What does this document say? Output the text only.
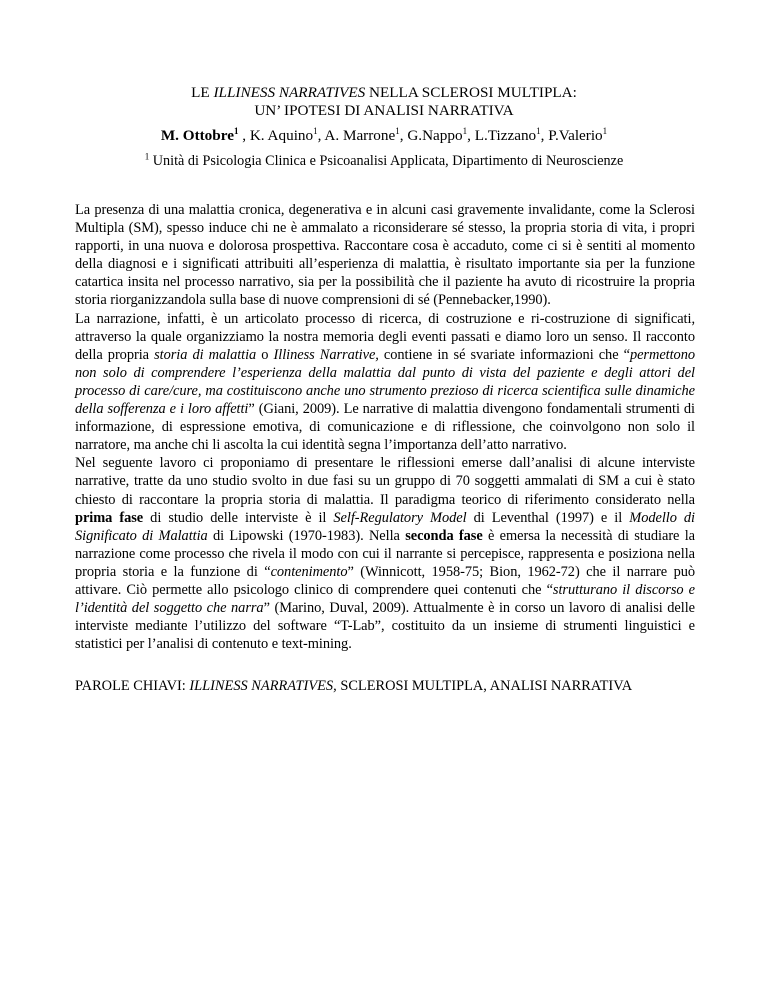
LE ILLINESS NARRATIVES NELLA SCLEROSI MULTIPLA:
UN’ IPOTESI DI ANALISI NARRATIVA
M. Ottobre$^1$ , K. Aquino$^1$, A. Marrone$^1$, G.Nappo$^1$, L.Tizzano$^1$, P.Valerio$^1$
$^1$ Unità di Psicologia Clinica e Psicoanalisi Applicata, Dipartimento di Neuroscienze

La presenza di una malattia cronica, degenerativa e in alcuni casi gravemente invalidante, come la Sclerosi Multipla (SM), spesso induce chi ne è ammalato a riconsiderare sé stesso, la propria storia di vita, i propri rapporti, in una nuova e dolorosa prospettiva. Raccontare cosa è accaduto, come ci si è sentiti al momento della diagnosi e i significati attribuiti all’esperienza di malattia, è risultato importante sia per la funzione catartica insita nel processo narrativo, sia per la possibilità che il paziente ha avuto di ricostruire la propria storia riorganizzandola sulla base di nuove comprensioni di sé (Pennebacker,1990).

La narrazione, infatti, è un articolato processo di ricerca, di costruzione e ri-costruzione di significati, attraverso la quale organizziamo la nostra memoria degli eventi passati e diamo loro un senso. Il racconto della propria storia di malattia o Illiness Narrative, contiene in sé svariate informazioni che “permettono non solo di comprendere l’esperienza della malattia dal punto di vista del paziente e degli attori del processo di care/cure, ma costituiscono anche uno strumento prezioso di ricerca scientifica sulle dinamiche della sofferenza e i loro affetti” (Giani, 2009). Le narrative di malattia divengono fondamentali strumenti di informazione, di espressione emotiva, di comunicazione e di riflessione, che coinvolgono non solo il narratore, ma anche chi li ascolta la cui identità segna l’importanza dell’atto narrativo.

Nel seguente lavoro ci proponiamo di presentare le riflessioni emerse dall’analisi di alcune interviste narrative, tratte da uno studio svolto in due fasi su un gruppo di 70 soggetti ammalati di SM a cui è stato chiesto di raccontare la propria storia di malattia. Il paradigma teorico di riferimento considerato nella prima fase di studio delle interviste è il Self-Regulatory Model di Leventhal (1997) e il Modello di Significato di Malattia di Lipowski (1970-1983). Nella seconda fase è emersa la necessità di studiare la narrazione come processo che rivela il modo con cui il narrante si percepisce, rappresenta e posiziona nella propria storia e la funzione di “contenimento” (Winnicott, 1958-75; Bion, 1962-72) che il narrare può attivare. Ciò permette allo psicologo clinico di comprendere quei contenuti che “strutturano il discorso e l’identità del soggetto che narra” (Marino, Duval, 2009). Attualmente è in corso un lavoro di analisi delle interviste mediante l’utilizzo del software “T-Lab”, costituito da un insieme di strumenti linguistici e statistici per l’analisi di contenuto e text-mining.

PAROLE CHIAVI: ILLINESS NARRATIVES, SCLEROSI MULTIPLA, ANALISI NARRATIVA
